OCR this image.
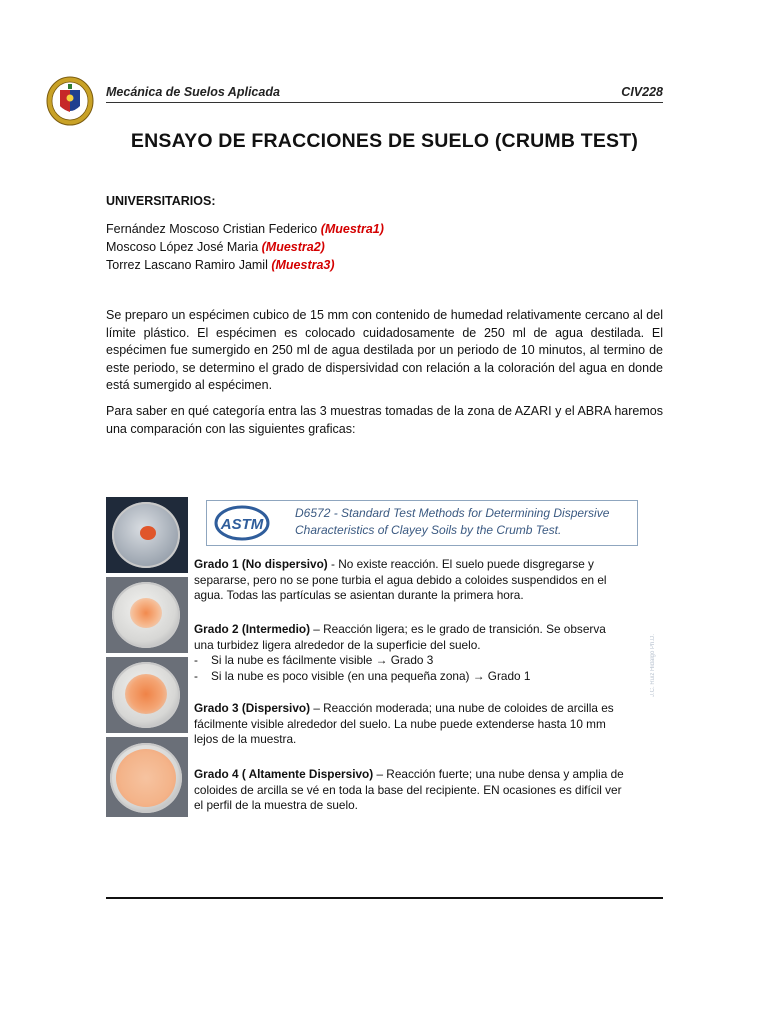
Mecánica de Suelos Aplicada	CIV228
ENSAYO DE FRACCIONES DE SUELO (CRUMB TEST)
UNIVERSITARIOS:
Fernández Moscoso Cristian Federico (Muestra1)
Moscoso López José Maria (Muestra2)
Torrez Lascano Ramiro Jamil (Muestra3)
Se preparo un espécimen cubico de 15 mm con contenido de humedad relativamente cercano al del límite plástico. El espécimen es colocado cuidadosamente de 250 ml de agua destilada. El espécimen fue sumergido en 250 ml de agua destilada por un periodo de 10 minutos, al termino de este periodo, se determino el grado de dispersividad con relación a la coloración del agua en donde está sumergido al espécimen.
Para saber en qué categoría entra las 3 muestras tomadas de la zona de AZARI y el ABRA haremos una comparación con las siguientes graficas:
ASTM
D6572 - Standard Test Methods for Determining Dispersive Characteristics of Clayey Soils by the Crumb Test.
Grado 1 (No dispersivo) - No existe reacción. El suelo puede disgregarse y separarse, pero no se pone turbia el agua debido a coloides suspendidos en el agua. Todas las partículas se asientan durante la primera hora.
Grado 2 (Intermedio) – Reacción ligera; es le grado de transición. Se observa una turbidez ligera alrededor de la superficie del suelo.
-    Si la nube es fácilmente visible → Grado 3
-    Si la nube es poco visible (en una pequeña zona) → Grado 1
Grado 3 (Dispersivo) – Reacción moderada; una nube de coloides de arcilla es fácilmente visible alrededor del suelo. La nube puede extenderse hasta 10 mm lejos de la muestra.
Grado 4 ( Altamente Dispersivo) – Reacción fuerte; una nube densa y amplia de coloides de arcilla se vé en toda la base del recipiente. EN ocasiones es difícil ver el perfil de la muestra de suelo.
J.C. Ruiz Hidalgo Ph.D.
